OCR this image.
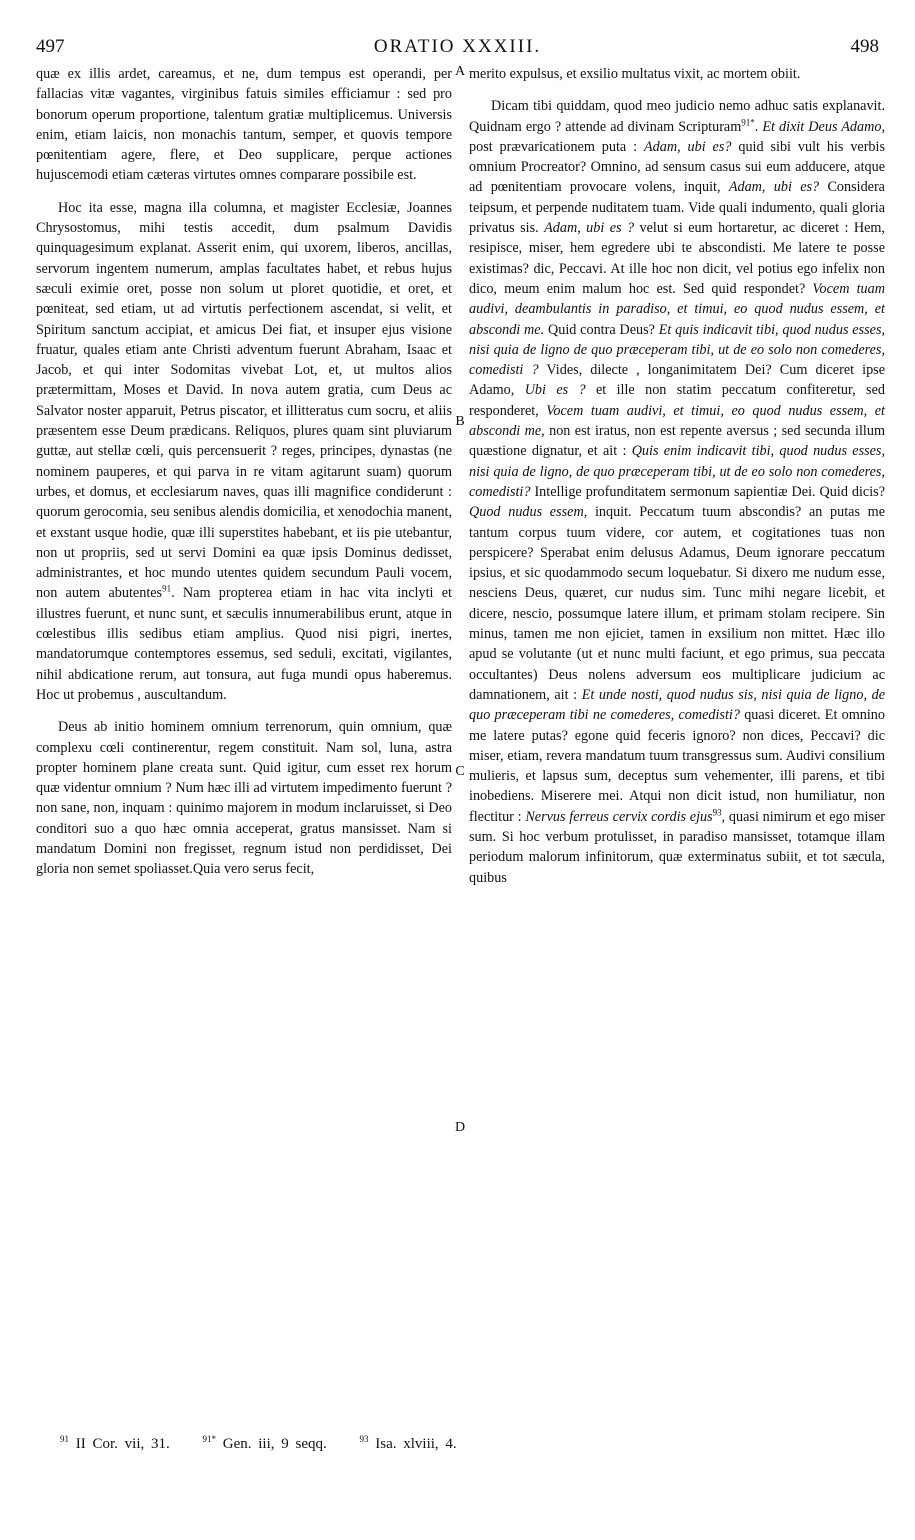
497	ORATIO XXXIII.	498
A
B
C
D

quæ ex illis ardet, careamus, et ne, dum tempus est operandi, per fallacias vitæ vagantes, virginibus fatuis similes efficiamur : sed pro bonorum operum proportione, talentum gratiæ multiplicemus. Universis enim, etiam laicis, non monachis tantum, semper, et quovis tempore pœnitentiam agere, flere, et Deo supplicare, perque actiones hujuscemodi etiam cæteras virtutes omnes comparare possibile est.

Hoc ita esse, magna illa columna, et magister Ecclesiæ, Joannes Chrysostomus, mihi testis accedit, dum psalmum Davidis quinquagesimum explanat. Asserit enim, qui uxorem, liberos, ancillas, servorum ingentem numerum, amplas facultates habet, et rebus hujus sæculi eximie oret, posse non solum ut ploret quotidie, et oret, et pœniteat, sed etiam, ut ad virtutis perfectionem ascendat, si velit, et Spiritum sanctum accipiat, et amicus Dei fiat, et insuper ejus visione fruatur, quales etiam ante Christi adventum fuerunt Abraham, Isaac et Jacob, et qui inter Sodomitas vivebat Lot, et, ut multos alios prætermittam, Moses et David. In nova autem gratia, cum Deus ac Salvator noster apparuit, Petrus piscator, et illitteratus cum socru, et aliis præsentem esse Deum prædicans. Reliquos, plures quam sint pluviarum guttæ, aut stellæ cœli, quis percensuerit ? reges, principes, dynastas (ne nominem pauperes, et qui parva in re vitam agitarunt suam) quorum urbes, et domus, et ecclesiarum naves, quas illi magnifice condiderunt : quorum gerocomia, seu senibus alendis domicilia, et xenodochia manent, et exstant usque hodie, quæ illi superstites habebant, et iis pie utebantur, non ut propriis, sed ut servi Domini ea quæ ipsis Dominus dedisset, administrantes, et hoc mundo utentes quidem secundum Pauli vocem, non autem abutentes$^{91}$. Nam propterea etiam in hac vita inclyti et illustres fuerunt, et nunc sunt, et sæculis innumerabilibus erunt, atque in cœlestibus illis sedibus etiam amplius. Quod nisi pigri, inertes, mandatorumque contemptores essemus, sed seduli, excitati, vigilantes, nihil abdicatione rerum, aut tonsura, aut fuga mundi opus haberemus. Hoc ut probemus , auscultandum.

Deus ab initio hominem omnium terrenorum, quin omnium, quæ complexu cœli continerentur, regem constituit. Nam sol, luna, astra propter hominem plane creata sunt. Quid igitur, cum esset rex horum quæ videntur omnium ? Num hæc illi ad virtutem impedimento fuerunt ? non sane, non, inquam : quinimo majorem in modum inclaruisset, si Deo conditori suo a quo hæc omnia acceperat, gratus mansisset. Nam si mandatum Domini non fregisset, regnum istud non perdidisset, Dei gloria non semet spoliasset.Quia vero serus fecit,

merito expulsus, et exsilio multatus vixit, ac mortem obiit.

Dicam tibi quiddam, quod meo judicio nemo adhuc satis explanavit. Quidnam ergo ? attende ad divinam Scripturam$^{91*}$. Et dixit Deus Adamo, post prævaricationem puta : Adam, ubi es? quid sibi vult his verbis omnium Procreator? Omnino, ad sensum casus sui eum adducere, atque ad pœnitentiam provocare volens, inquit, Adam, ubi es? Considera teipsum, et perpende nuditatem tuam. Vide quali indumento, quali gloria privatus sis. Adam, ubi es ? velut si eum hortaretur, ac diceret : Hem, resipisce, miser, hem egredere ubi te abscondisti. Me latere te posse existimas? dic, Peccavi. At ille hoc non dicit, vel potius ego infelix non dico, meum enim malum hoc est. Sed quid respondet? Vocem tuam audivi, deambulantis in paradiso, et timui, eo quod nudus essem, et abscondi me. Quid contra Deus? Et quis indicavit tibi, quod nudus esses, nisi quia de ligno de quo præceperam tibi, ut de eo solo non comederes, comedisti ? Vides, dilecte , longanimitatem Dei? Cum diceret ipse Adamo, Ubi es ? et ille non statim peccatum confiteretur, sed responderet, Vocem tuam audivi, et timui, eo quod nudus essem, et abscondi me, non est iratus, non est repente aversus ; sed secunda illum quæstione dignatur, et ait : Quis enim indicavit tibi, quod nudus esses, nisi quia de ligno, de quo præceperam tibi, ut de eo solo non comederes, comedisti? Intellige profunditatem sermonum sapientiæ Dei. Quid dicis? Quod nudus essem, inquit. Peccatum tuum abscondis? an putas me tantum corpus tuum videre, cor autem, et cogitationes tuas non perspicere? Sperabat enim delusus Adamus, Deum ignorare peccatum ipsius, et sic quodammodo secum loquebatur. Si dixero me nudum esse, nesciens Deus, quæret, cur nudus sim. Tunc mihi negare licebit, et dicere, nescio, possumque latere illum, et primam stolam recipere. Sin minus, tamen me non ejiciet, tamen in exsilium non mittet. Hæc illo apud se volutante (ut et nunc multi faciunt, et ego primus, sua peccata occultantes) Deus nolens adversum eos multiplicare judicium ac damnationem, ait : Et unde nosti, quod nudus sis, nisi quia de ligno, de quo præceperam tibi ne comederes, comedisti? quasi diceret. Et omnino me latere putas? egone quid feceris ignoro? non dices, Peccavi? dic miser, etiam, revera mandatum tuum transgressus sum. Audivi consilium mulieris, et lapsus sum, deceptus sum vehementer, illi parens, et tibi inobediens. Miserere mei. Atqui non dicit istud, non humiliatur, non flectitur : Nervus ferreus cervix cordis ejus$^{93}$, quasi nimirum et ego miser sum. Si hoc verbum protulisset, in paradiso mansisset, totamque illam periodum malorum infinitorum, quæ exterminatus subiit, et tot sæcula, quibus

$^{91}$ II Cor. vii, 31.	$^{91*}$ Gen. iii, 9 seqq.	$^{93}$ Isa. xlviii, 4.
